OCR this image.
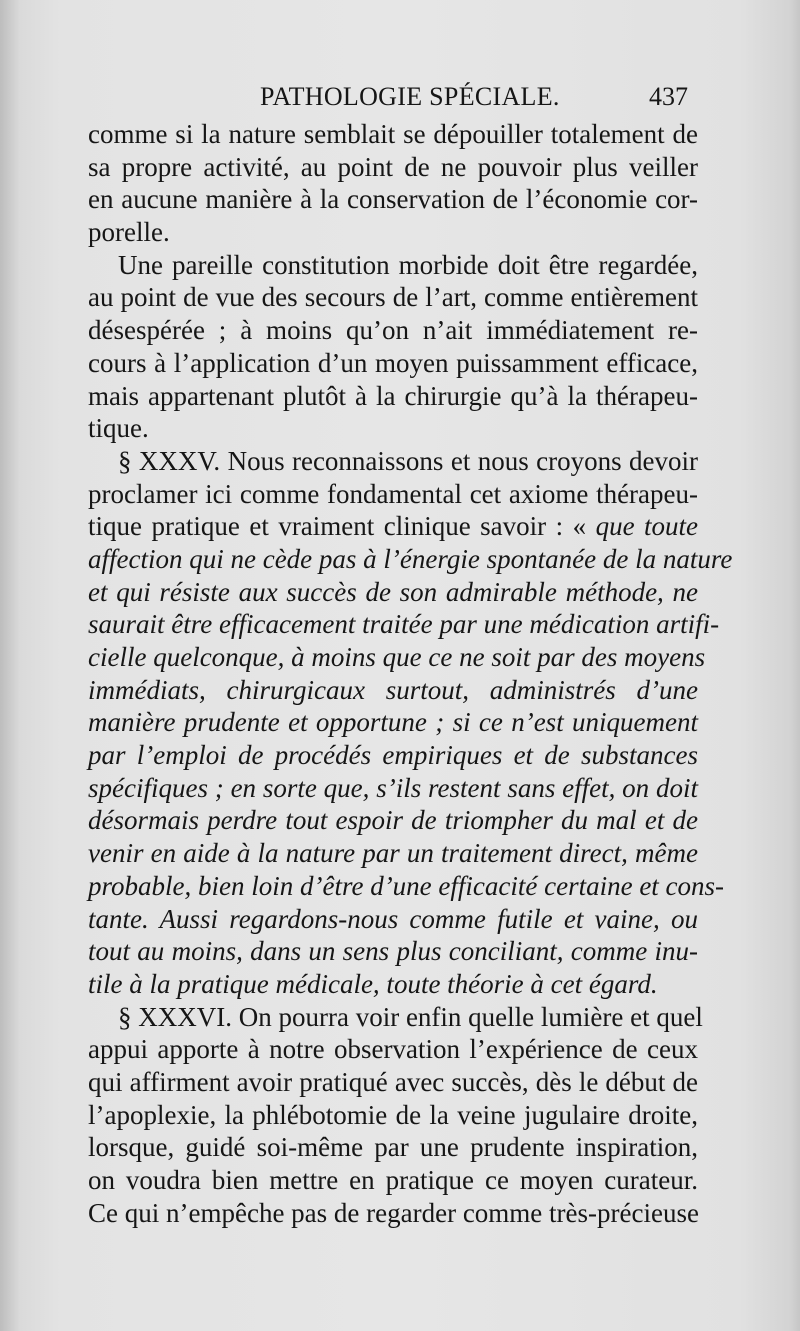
PATHOLOGIE SPÉCIALE.	437
comme si la nature semblait se dépouiller totalement de
sa propre activité, au point de ne pouvoir plus veiller
en aucune manière à la conservation de l’économie cor-
porelle.
Une pareille constitution morbide doit être regardée,
au point de vue des secours de l’art, comme entièrement
désespérée ; à moins qu’on n’ait immédiatement re-
cours à l’application d’un moyen puissamment efficace,
mais appartenant plutôt à la chirurgie qu’à la thérapeu-
tique.
§ XXXV. Nous reconnaissons et nous croyons devoir
proclamer ici comme fondamental cet axiome thérapeu-
tique pratique et vraiment clinique savoir : « que toute
affection qui ne cède pas à l’énergie spontanée de la nature
et qui résiste aux succès de son admirable méthode, ne
saurait être efficacement traitée par une médication artifi-
cielle quelconque, à moins que ce ne soit par des moyens
immédiats, chirurgicaux surtout, administrés d’une
manière prudente et opportune ; si ce n’est uniquement
par l’emploi de procédés empiriques et de substances
spécifiques ; en sorte que, s’ils restent sans effet, on doit
désormais perdre tout espoir de triompher du mal et de
venir en aide à la nature par un traitement direct, même
probable, bien loin d’être d’une efficacité certaine et cons-
tante. Aussi regardons-nous comme futile et vaine, ou
tout au moins, dans un sens plus conciliant, comme inu-
tile à la pratique médicale, toute théorie à cet égard.
§ XXXVI. On pourra voir enfin quelle lumière et quel
appui apporte à notre observation l’expérience de ceux
qui affirment avoir pratiqué avec succès, dès le début de
l’apoplexie, la phlébotomie de la veine jugulaire droite,
lorsque, guidé soi-même par une prudente inspiration,
on voudra bien mettre en pratique ce moyen curateur.
Ce qui n’empêche pas de regarder comme très-précieuse
